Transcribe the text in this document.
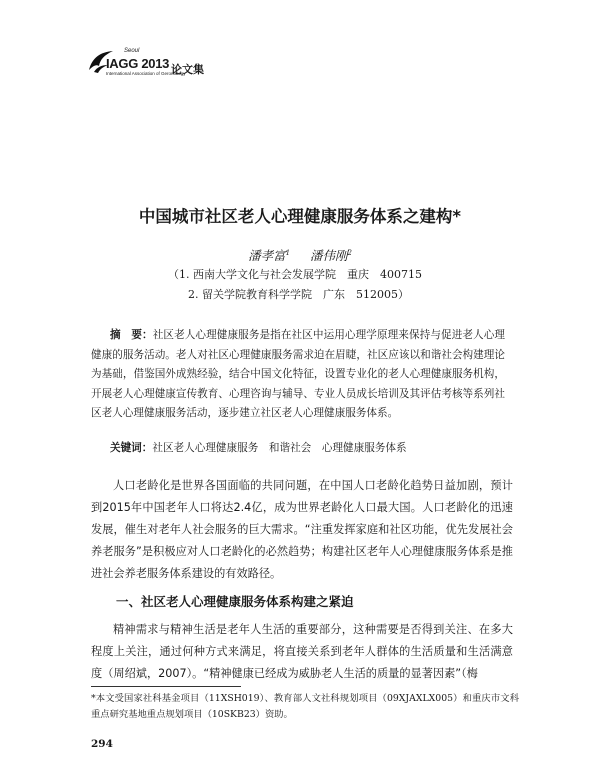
Seoul
IAGG 2013
International Association of Gerontology
论文集
中国城市社区老人心理健康服务体系之建构*
潘孝富$^1$ 潘伟刚$^2$
（1. 西南大学文化与社会发展学院　重庆　400715
2. 留关学院教育科学学院　广东　512005）
摘　要：社区老人心理健康服务是指在社区中运用心理学原理来保持与促进老人心理健康的服务活动。老人对社区心理健康服务需求迫在眉睫，社区应该以和谐社会构建理论为基础，借鉴国外成熟经验，结合中国文化特征，设置专业化的老人心理健康服务机构，开展老人心理健康宣传教育、心理咨询与辅导、专业人员成长培训及其评估考核等系列社区老人心理健康服务活动，逐步建立社区老人心理健康服务体系。
关键词：社区老人心理健康服务　和谐社会　心理健康服务体系
人口老龄化是世界各国面临的共同问题，在中国人口老龄化趋势日益加剧，预计到2015年中国老年人口将达2.4亿，成为世界老龄化人口最大国。人口老龄化的迅速发展，催生对老年人社会服务的巨大需求。“注重发挥家庭和社区功能，优先发展社会养老服务”是积极应对人口老龄化的必然趋势；构建社区老年人心理健康服务体系是推进社会养老服务体系建设的有效路径。
一、社区老人心理健康服务体系构建之紧迫
精神需求与精神生活是老年人生活的重要部分，这种需要是否得到关注、在多大程度上关注，通过何种方式来满足，将直接关系到老年人群体的生活质量和生活满意度（周绍斌，2007）。“精神健康已经成为威胁老人生活的质量的显著因素”（梅
*本文受国家社科基金项目（11XSH019）、教育部人文社科规划项目（09XJAXLX005）和重庆市文科重点研究基地重点规划项目（10SKB23）资助。
294
